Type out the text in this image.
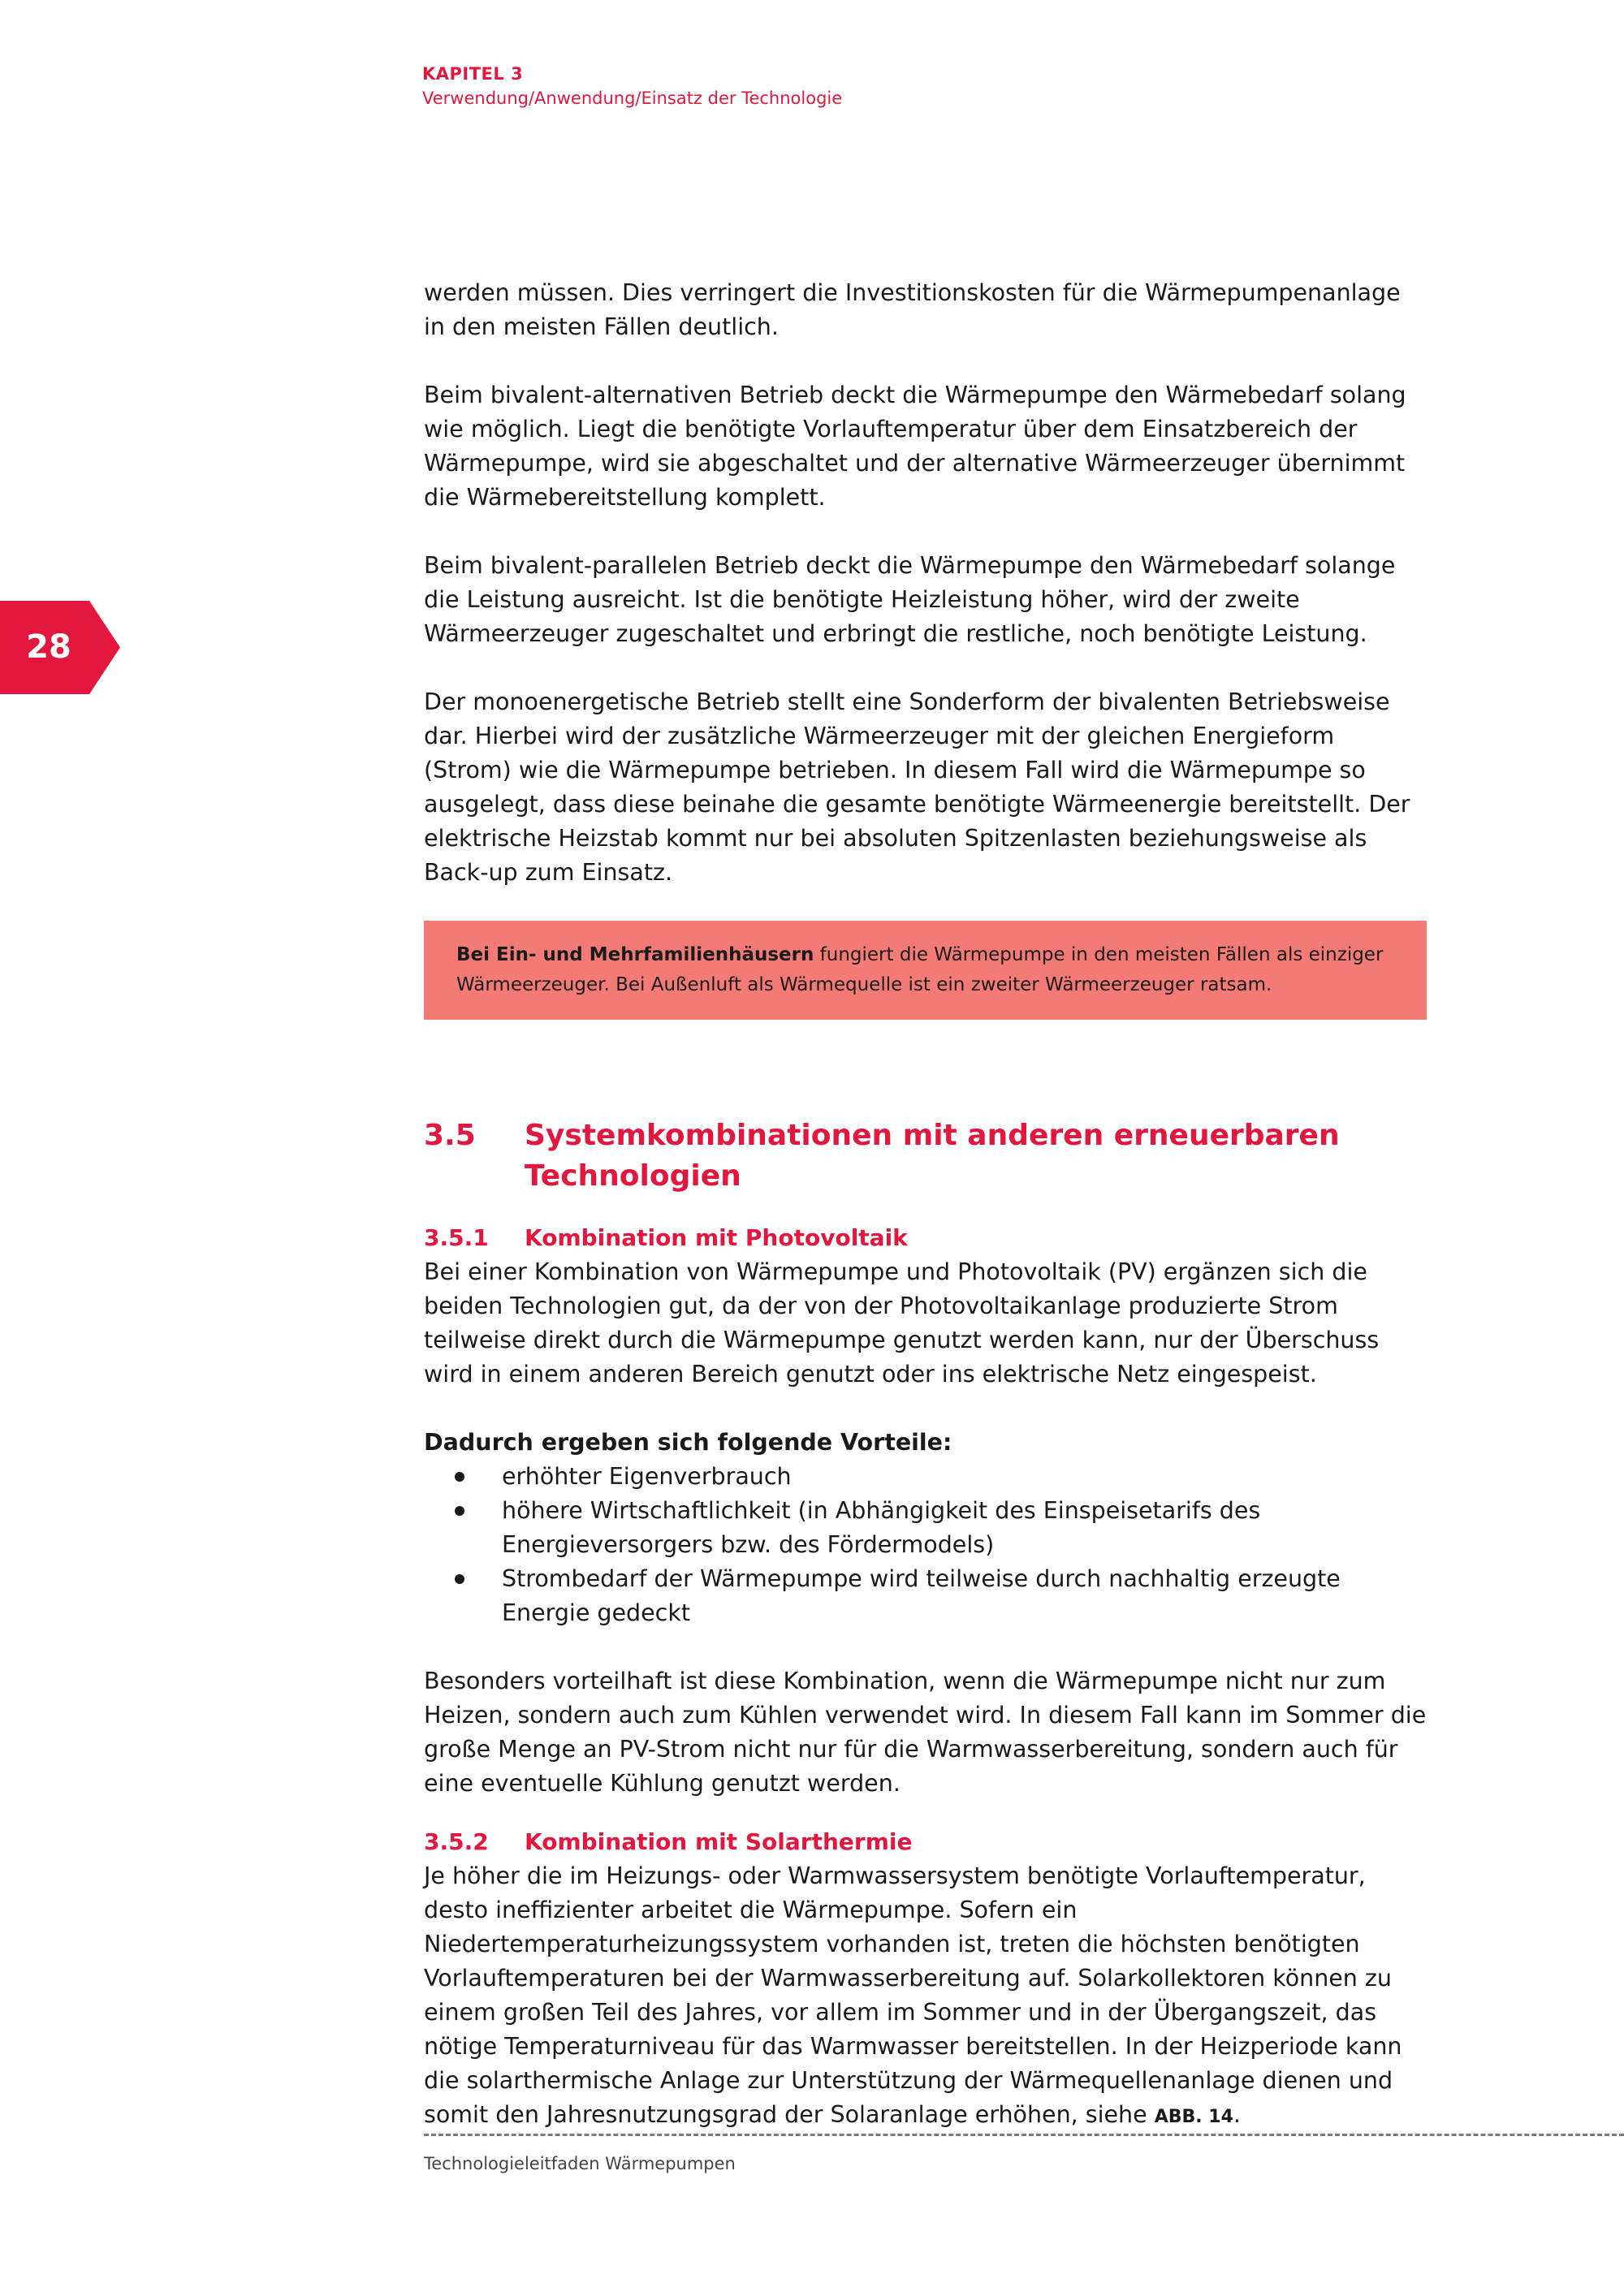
KAPITEL 3
Verwendung/Anwendung/Einsatz der Technologie
28

werden müssen. Dies verringert die Investitionskosten für die Wärmepumpenanlage in den meisten Fällen deutlich.

Beim bivalent-alternativen Betrieb deckt die Wärmepumpe den Wärmebedarf solang wie möglich. Liegt die benötigte Vorlauftemperatur über dem Einsatzbereich der Wärmepumpe, wird sie abgeschaltet und der alternative Wärmeerzeuger übernimmt die Wärmebereitstellung komplett.

Beim bivalent-parallelen Betrieb deckt die Wärmepumpe den Wärmebedarf solange die Leistung ausreicht. Ist die benötigte Heizleistung höher, wird der zweite Wärmeerzeuger zugeschaltet und erbringt die restliche, noch benötigte Leistung.

Der monoenergetische Betrieb stellt eine Sonderform der bivalenten Betriebsweise dar. Hierbei wird der zusätzliche Wärmeerzeuger mit der gleichen Energieform (Strom) wie die Wärmepumpe betrieben. In diesem Fall wird die Wärmepumpe so ausgelegt, dass diese beinahe die gesamte benötigte Wärmeenergie bereitstellt. Der elektrische Heizstab kommt nur bei absoluten Spitzenlasten beziehungsweise als Back-up zum Einsatz.

Bei Ein- und Mehrfamilienhäusern fungiert die Wärmepumpe in den meisten Fällen als einziger Wärmeerzeuger. Bei Außenluft als Wärmequelle ist ein zweiter Wärmeerzeuger ratsam.

3.5	Systemkombinationen mit anderen erneuerbaren Technologien
3.5.1	Kombination mit Photovoltaik

Bei einer Kombination von Wärmepumpe und Photovoltaik (PV) ergänzen sich die beiden Technologien gut, da der von der Photovoltaikanlage produzierte Strom teilweise direkt durch die Wärmepumpe genutzt werden kann, nur der Überschuss wird in einem anderen Bereich genutzt oder ins elektrische Netz eingespeist.

Dadurch ergeben sich folgende Vorteile:
erhöhter Eigenverbrauch
höhere Wirtschaftlichkeit (in Abhängigkeit des Einspeisetarifs des Energieversorgers bzw. des Fördermodels)
Strombedarf der Wärmepumpe wird teilweise durch nachhaltig erzeugte Energie gedeckt

Besonders vorteilhaft ist diese Kombination, wenn die Wärmepumpe nicht nur zum Heizen, sondern auch zum Kühlen verwendet wird. In diesem Fall kann im Sommer die große Menge an PV-Strom nicht nur für die Warmwasserbereitung, sondern auch für eine eventuelle Kühlung genutzt werden.

3.5.2	Kombination mit Solarthermie

Je höher die im Heizungs- oder Warmwassersystem benötigte Vorlauftemperatur, desto ineffizienter arbeitet die Wärmepumpe. Sofern ein Niedertemperaturheizungssystem vorhanden ist, treten die höchsten benötigten Vorlauftemperaturen bei der Warmwasserbereitung auf. Solarkollektoren können zu einem großen Teil des Jahres, vor allem im Sommer und in der Übergangszeit, das nötige Temperaturniveau für das Warmwasser bereitstellen. In der Heizperiode kann die solarthermische Anlage zur Unterstützung der Wärmequellenanlage dienen und somit den Jahresnutzungsgrad der Solaranlage erhöhen, siehe ABB. 14.

Technologieleitfaden Wärmepumpen
